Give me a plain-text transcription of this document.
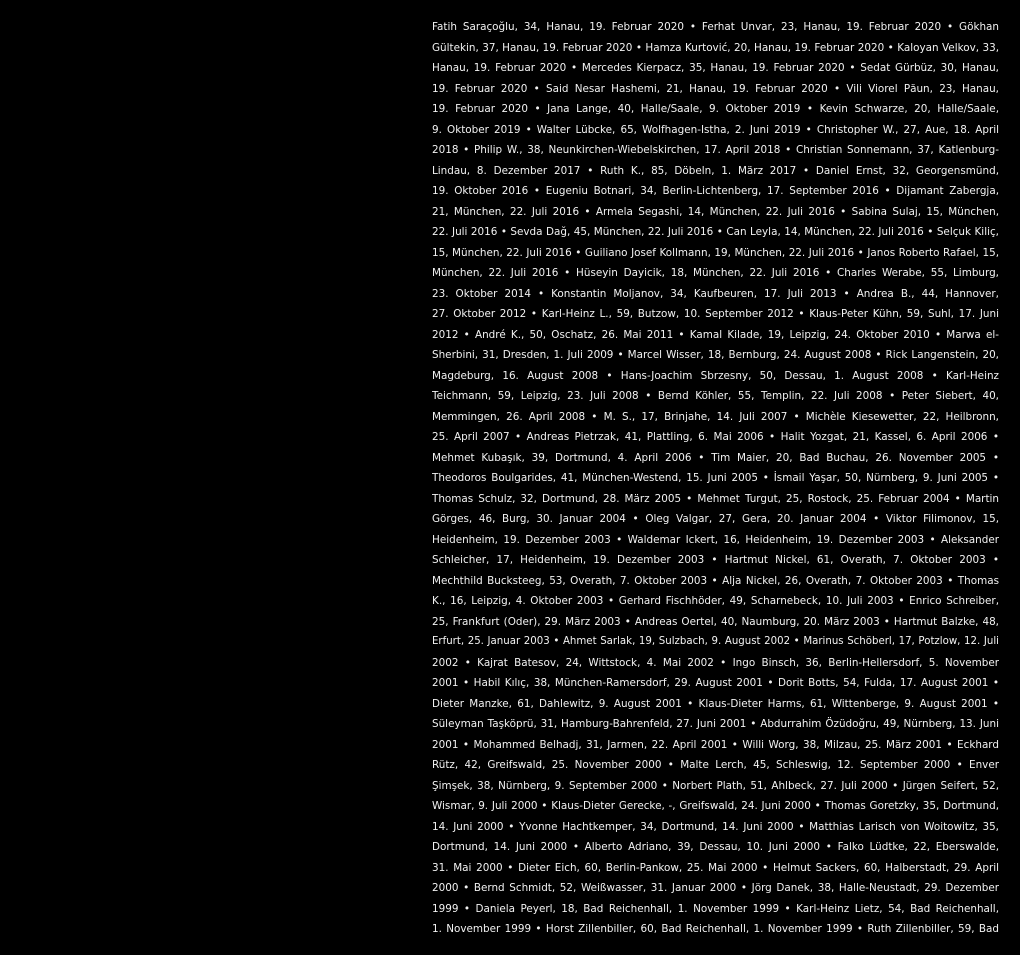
Fatih Saraçoğlu, 34, Hanau, 19. Februar 2020 • Ferhat Unvar, 23, Hanau, 19. Februar 2020 • Gökhan
Gültekin, 37, Hanau, 19. Februar 2020 • Hamza Kurtović, 20, Hanau, 19. Februar 2020 • Kaloyan Velkov, 33,
Hanau, 19. Februar 2020 • Mercedes Kierpacz, 35, Hanau, 19. Februar 2020 • Sedat Gürbüz, 30, Hanau,
19. Februar 2020 • Said Nesar Hashemi, 21, Hanau, 19. Februar 2020 • Vili Viorel Păun, 23, Hanau,
19. Februar 2020 • Jana Lange, 40, Halle/Saale, 9. Oktober 2019 • Kevin Schwarze, 20, Halle/Saale,
9. Oktober 2019 • Walter Lübcke, 65, Wolfhagen-Istha, 2. Juni 2019 • Christopher W., 27, Aue, 18. April
2018 • Philip W., 38, Neunkirchen-Wiebelskirchen, 17. April 2018 • Christian Sonnemann, 37, Katlenburg-
Lindau, 8. Dezember 2017 • Ruth K., 85, Döbeln, 1. März 2017 • Daniel Ernst, 32, Georgensmünd,
19. Oktober 2016 • Eugeniu Botnari, 34, Berlin-Lichtenberg, 17. September 2016 • Dijamant Zabergja,
21, München, 22. Juli 2016 • Armela Segashi, 14, München, 22. Juli 2016 • Sabina Sulaj, 15, München,
22. Juli 2016 • Sevda Dağ, 45, München, 22. Juli 2016 • Can Leyla, 14, München, 22. Juli 2016 • Selçuk Kiliç,
15, München, 22. Juli 2016 • Guiliano Josef Kollmann, 19, München, 22. Juli 2016 • Janos Roberto Rafael, 15,
München, 22. Juli 2016 • Hüseyin Dayicik, 18, München, 22. Juli 2016 • Charles Werabe, 55, Limburg,
23. Oktober 2014 • Konstantin Moljanov, 34, Kaufbeuren, 17. Juli 2013 • Andrea B., 44, Hannover,
27. Oktober 2012 • Karl-Heinz L., 59, Butzow, 10. September 2012 • Klaus-Peter Kühn, 59, Suhl, 17. Juni
2012 • André K., 50, Oschatz, 26. Mai 2011 • Kamal Kilade, 19, Leipzig, 24. Oktober 2010 • Marwa el-
Sherbini, 31, Dresden, 1. Juli 2009 • Marcel Wisser, 18, Bernburg, 24. August 2008 • Rick Langenstein, 20,
Magdeburg, 16. August 2008 • Hans-Joachim Sbrzesny, 50, Dessau, 1. August 2008 • Karl-Heinz
Teichmann, 59, Leipzig, 23. Juli 2008 • Bernd Köhler, 55, Templin, 22. Juli 2008 • Peter Siebert, 40,
Memmingen, 26. April 2008 • M. S., 17, Brinjahe, 14. Juli 2007 • Michèle Kiesewetter, 22, Heilbronn,
25. April 2007 • Andreas Pietrzak, 41, Plattling, 6. Mai 2006 • Halit Yozgat, 21, Kassel, 6. April 2006 •
Mehmet Kubaşık, 39, Dortmund, 4. April 2006 • Tim Maier, 20, Bad Buchau, 26. November 2005 •
Theodoros Boulgarides, 41, München-Westend, 15. Juni 2005 • İsmail Yaşar, 50, Nürnberg, 9. Juni 2005 •
Thomas Schulz, 32, Dortmund, 28. März 2005 • Mehmet Turgut, 25, Rostock, 25. Februar 2004 • Martin
Görges, 46, Burg, 30. Januar 2004 • Oleg Valgar, 27, Gera, 20. Januar 2004 • Viktor Filimonov, 15,
Heidenheim, 19. Dezember 2003 • Waldemar Ickert, 16, Heidenheim, 19. Dezember 2003 • Aleksander
Schleicher, 17, Heidenheim, 19. Dezember 2003 • Hartmut Nickel, 61, Overath, 7. Oktober 2003 •
Mechthild Bucksteeg, 53, Overath, 7. Oktober 2003 • Alja Nickel, 26, Overath, 7. Oktober 2003 • Thomas
K., 16, Leipzig, 4. Oktober 2003 • Gerhard Fischhöder, 49, Scharnebeck, 10. Juli 2003 • Enrico Schreiber,
25, Frankfurt (Oder), 29. März 2003 • Andreas Oertel, 40, Naumburg, 20. März 2003 • Hartmut Balzke, 48,
Erfurt, 25. Januar 2003 • Ahmet Sarlak, 19, Sulzbach, 9. August 2002 • Marinus Schöberl, 17, Potzlow, 12. Juli
2002 • Kajrat Batesov, 24, Wittstock, 4. Mai 2002 • Ingo Binsch, 36, Berlin-Hellersdorf, 5. November
2001 • Habil Kılıç, 38, München-Ramersdorf, 29. August 2001 • Dorit Botts, 54, Fulda, 17. August 2001 •
Dieter Manzke, 61, Dahlewitz, 9. August 2001 • Klaus-Dieter Harms, 61, Wittenberge, 9. August 2001 •
Süleyman Taşköprü, 31, Hamburg-Bahrenfeld, 27. Juni 2001 • Abdurrahim Özüdoğru, 49, Nürnberg, 13. Juni
2001 • Mohammed Belhadj, 31, Jarmen, 22. April 2001 • Willi Worg, 38, Milzau, 25. März 2001 • Eckhard
Rütz, 42, Greifswald, 25. November 2000 • Malte Lerch, 45, Schleswig, 12. September 2000 • Enver
Şimşek, 38, Nürnberg, 9. September 2000 • Norbert Plath, 51, Ahlbeck, 27. Juli 2000 • Jürgen Seifert, 52,
Wismar, 9. Juli 2000 • Klaus-Dieter Gerecke, -, Greifswald, 24. Juni 2000 • Thomas Goretzky, 35, Dortmund,
14. Juni 2000 • Yvonne Hachtkemper, 34, Dortmund, 14. Juni 2000 • Matthias Larisch von Woitowitz, 35,
Dortmund, 14. Juni 2000 • Alberto Adriano, 39, Dessau, 10. Juni 2000 • Falko Lüdtke, 22, Eberswalde,
31. Mai 2000 • Dieter Eich, 60, Berlin-Pankow, 25. Mai 2000 • Helmut Sackers, 60, Halberstadt, 29. April
2000 • Bernd Schmidt, 52, Weißwasser, 31. Januar 2000 • Jörg Danek, 38, Halle-Neustadt, 29. Dezember
1999 • Daniela Peyerl, 18, Bad Reichenhall, 1. November 1999 • Karl-Heinz Lietz, 54, Bad Reichenhall,
1. November 1999 • Horst Zillenbiller, 60, Bad Reichenhall, 1. November 1999 • Ruth Zillenbiller, 59, Bad
